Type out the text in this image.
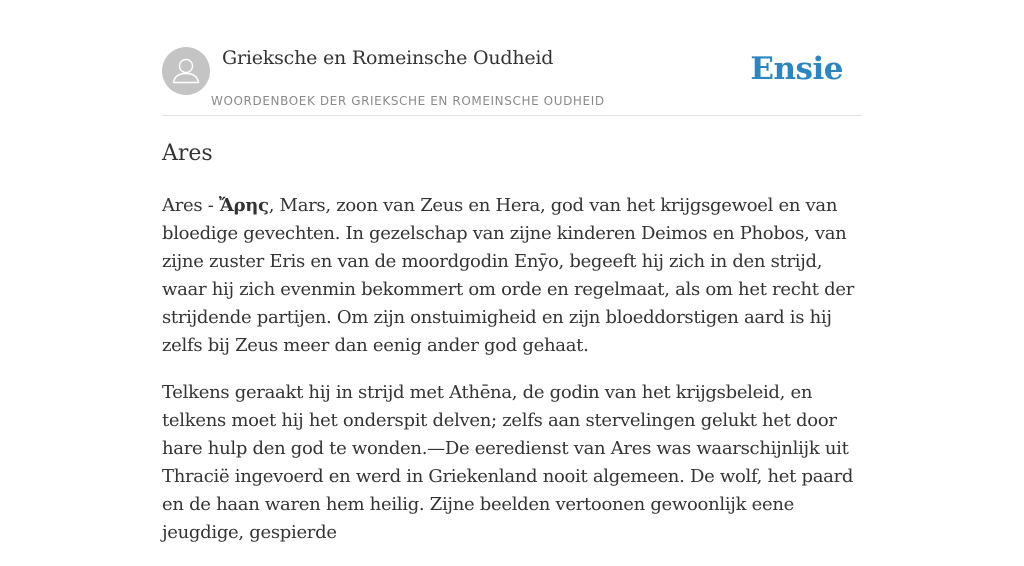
Grieksche en Romeinsche Oudheid
WOORDENBOEK DER GRIEKSCHE EN ROMEINSCHE OUDHEID
Ensie
Ares

Ares - Ἄρης, Mars, zoon van Zeus en Hera, god van het krijgsgewoel en van bloedige gevechten. In gezelschap van zijne kinderen Deimos en Phobos, van zijne zuster Eris en van de moordgodin Enȳo, begeeft hij zich in den strijd, waar hij zich evenmin bekommert om orde en regelmaat, als om het recht der strijdende partijen. Om zijn onstuimigheid en zijn bloeddorstigen aard is hij zelfs bij Zeus meer dan eenig ander god gehaat.

Telkens geraakt hij in strijd met Athēna, de godin van het krijgsbeleid, en telkens moet hij het onderspit delven; zelfs aan stervelingen gelukt het door hare hulp den god te wonden.—De eeredienst van Ares was waarschijnlijk uit Thracië ingevoerd en werd in Griekenland nooit algemeen. De wolf, het paard en de haan waren hem heilig. Zijne beelden vertoonen gewoonlijk eene jeugdige, gespierde
